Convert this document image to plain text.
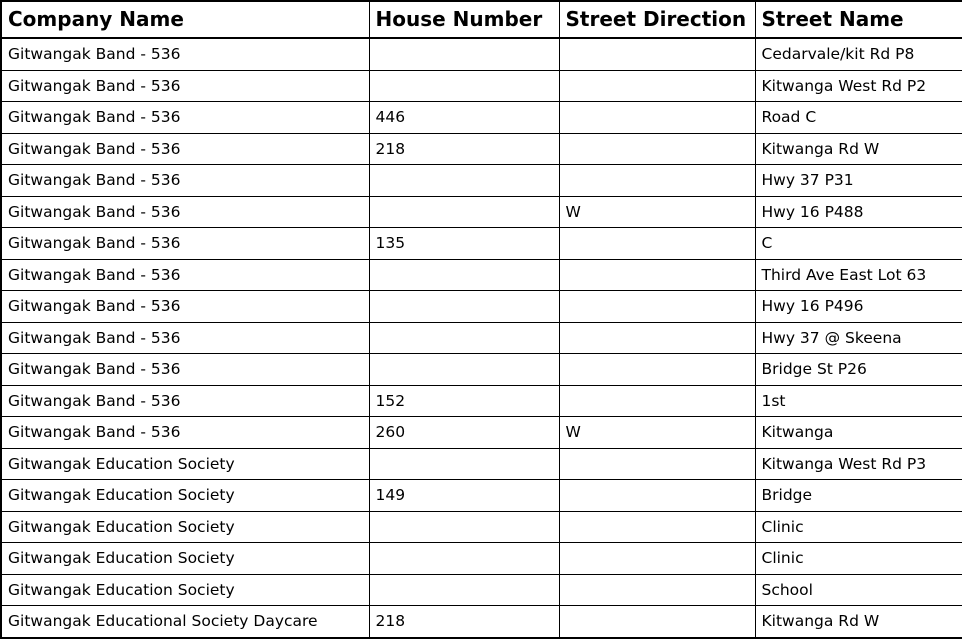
Company Name	House Number	Street Direction	Street Name
Gitwangak Band - 536			Cedarvale/kit Rd P8
Gitwangak Band - 536			Kitwanga West Rd P2
Gitwangak Band - 536	446		Road C
Gitwangak Band - 536	218		Kitwanga Rd W
Gitwangak Band - 536			Hwy 37 P31
Gitwangak Band - 536		W	Hwy 16 P488
Gitwangak Band - 536	135		C
Gitwangak Band - 536			Third Ave East Lot 63
Gitwangak Band - 536			Hwy 16 P496
Gitwangak Band - 536			Hwy 37 @ Skeena
Gitwangak Band - 536			Bridge St P26
Gitwangak Band - 536	152		1st
Gitwangak Band - 536	260	W	Kitwanga
Gitwangak Education Society			Kitwanga West Rd P3
Gitwangak Education Society	149		Bridge
Gitwangak Education Society			Clinic
Gitwangak Education Society			Clinic
Gitwangak Education Society			School
Gitwangak Educational Society Daycare	218		Kitwanga Rd W
